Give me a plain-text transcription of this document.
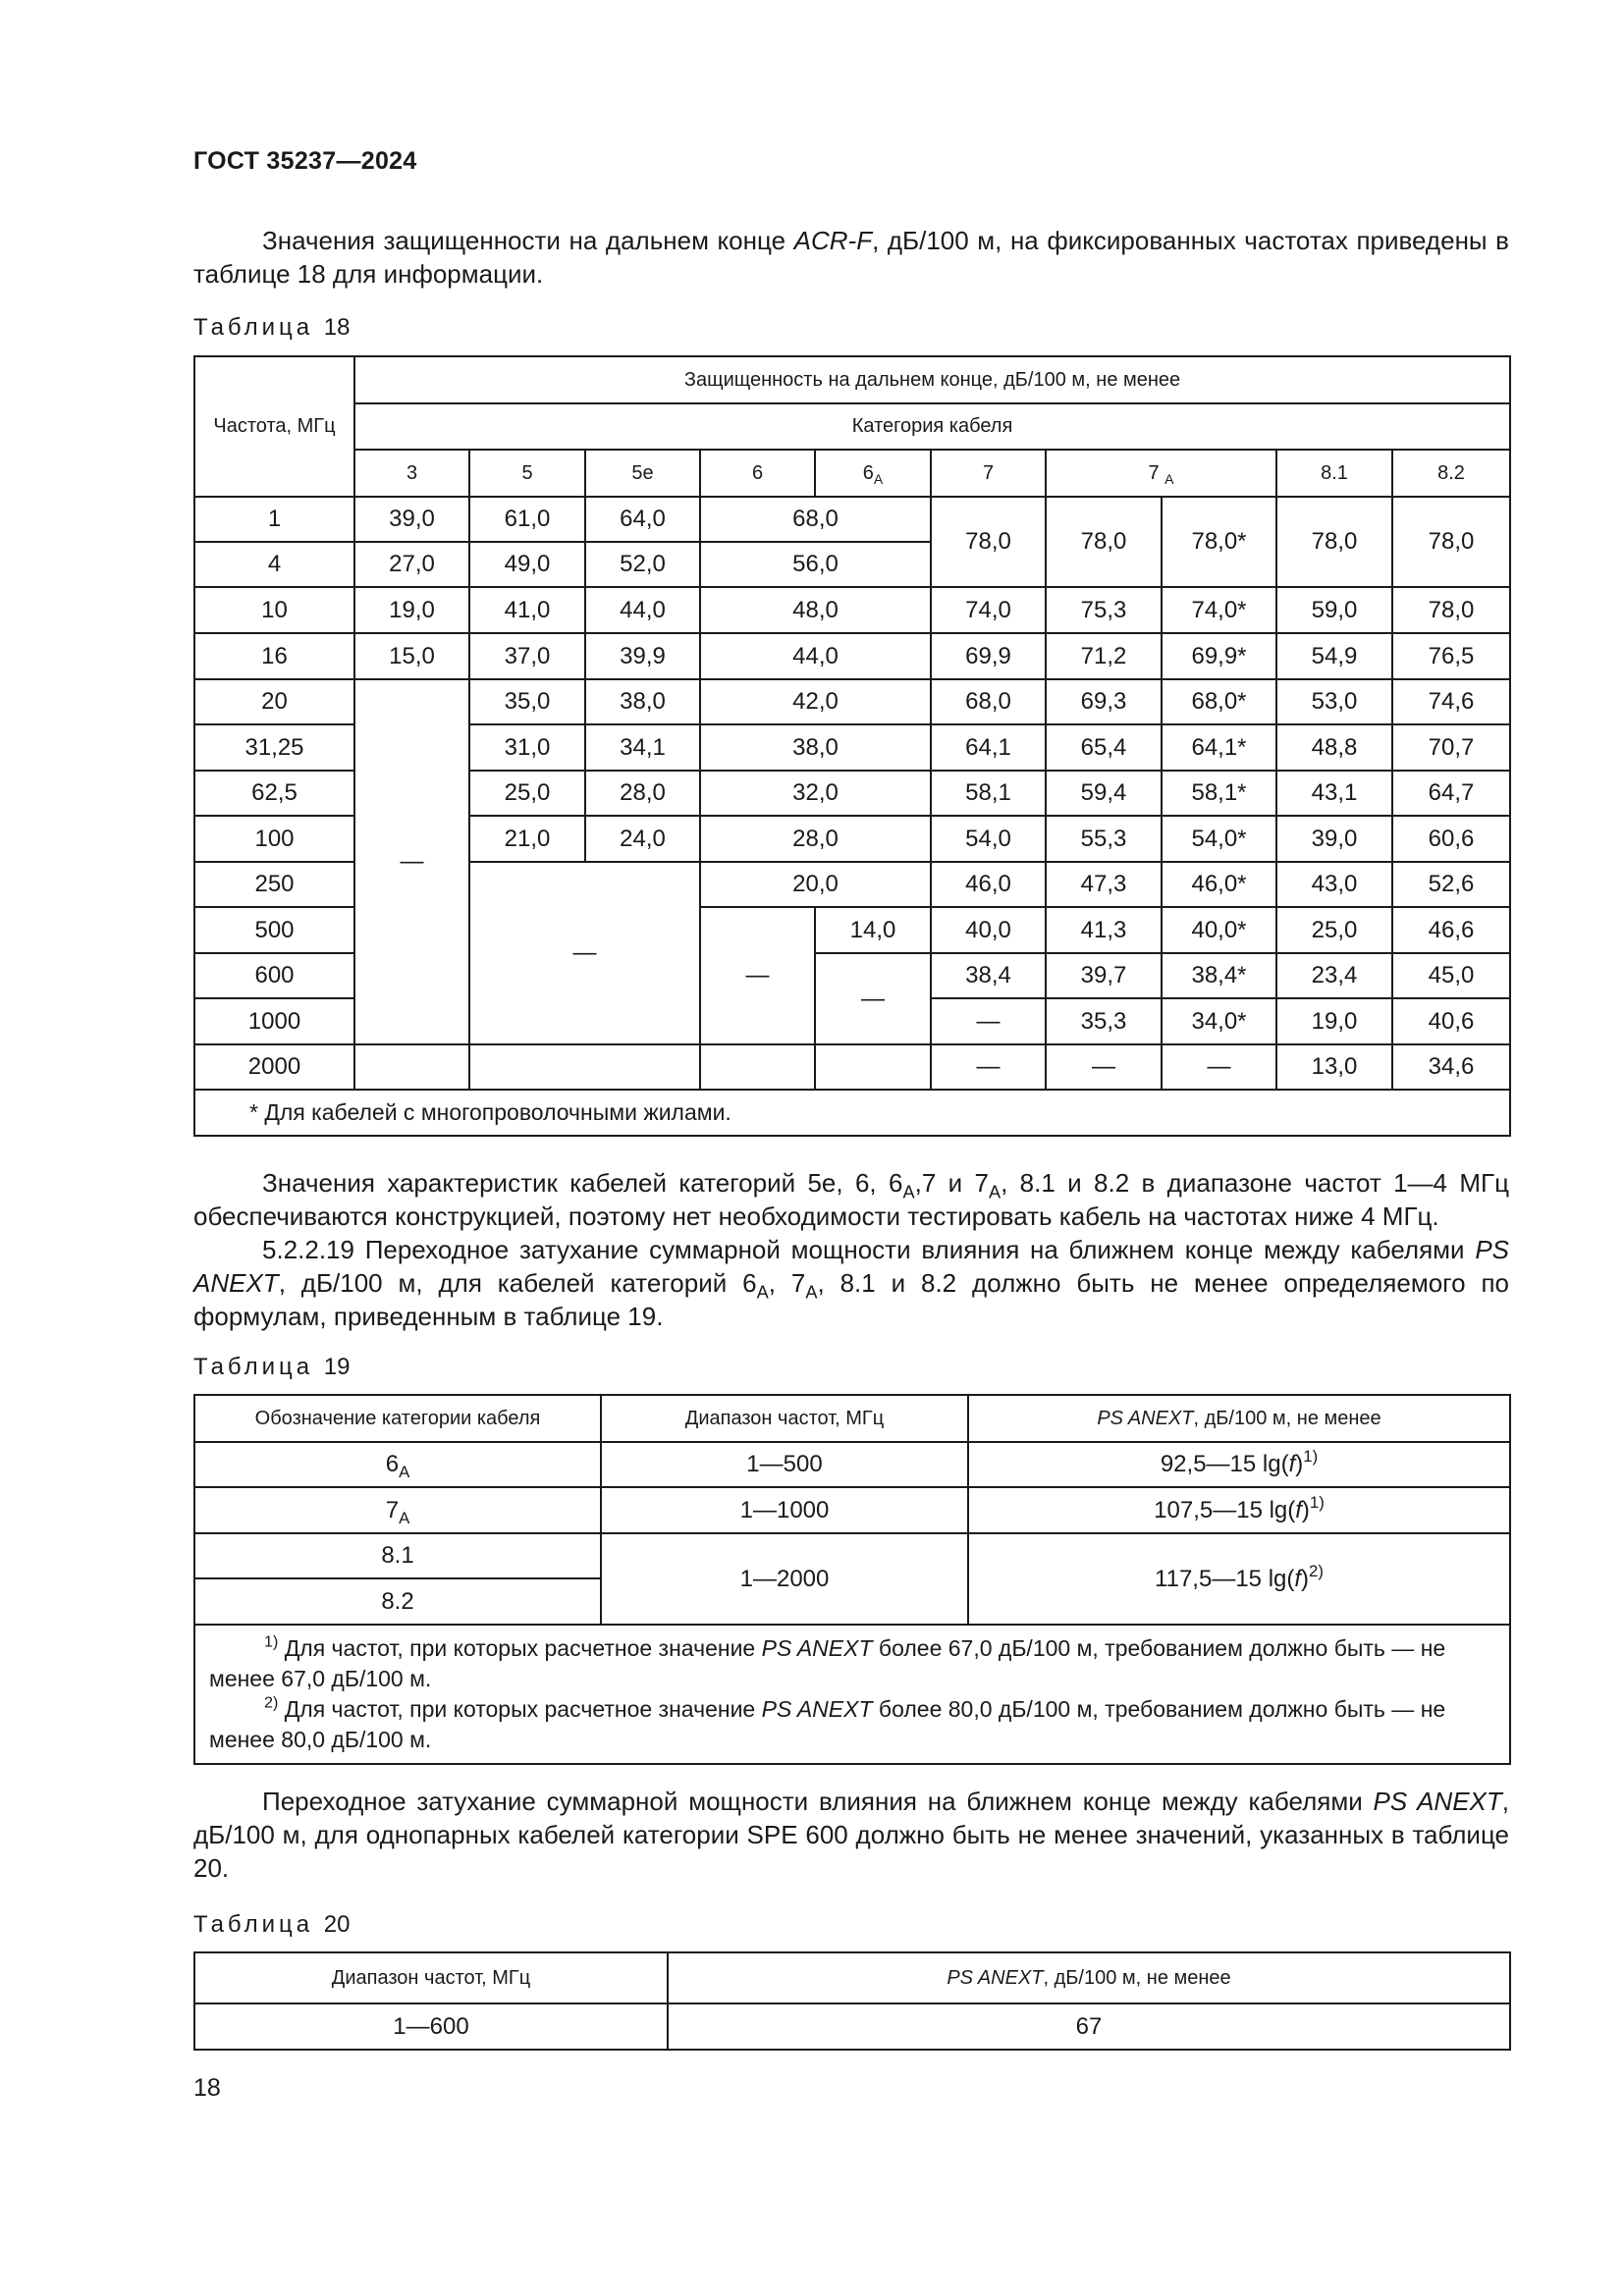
ГОСТ 35237—2024

Значения защищенности на дальнем конце ACR-F, дБ/100 м, на фиксированных частотах приведены в таблице 18 для информации.

Таблица 18
Частота, МГц	Защищенность на дальнем конце, дБ/100 м, не менее									
	Категория кабеля									
	3	5	5e	6	$6_A$	7	7 $_A$		8.1	8.2
1	39,0	61,0	64,0	68,0		78,0	78,0	78,0*	78,0	78,0
4	27,0	49,0	52,0	56,0						
10	19,0	41,0	44,0	48,0		74,0	75,3	74,0*	59,0	78,0
16	15,0	37,0	39,9	44,0		69,9	71,2	69,9*	54,9	76,5
20	—	35,0	38,0	42,0		68,0	69,3	68,0*	53,0	74,6
31,25		31,0	34,1	38,0		64,1	65,4	64,1*	48,8	70,7
62,5		25,0	28,0	32,0		58,1	59,4	58,1*	43,1	64,7
100		21,0	24,0	28,0		54,0	55,3	54,0*	39,0	60,6
250		—		20,0		46,0	47,3	46,0*	43,0	52,6
500				—	14,0	40,0	41,3	40,0*	25,0	46,6
600					—	38,4	39,7	38,4*	23,4	45,0
1000						—	35,3	34,0*	19,0	40,6
2000						—	—	—	13,0	34,6
* Для кабелей с многопроволочными жилами.										

Значения характеристик кабелей категорий 5е, 6, $6_A,7$ и $7_A$, 8.1 и 8.2 в диапазоне частот 1—4 МГц обеспечиваются конструкцией, поэтому нет необходимости тестировать кабель на частотах ниже 4 МГц.

5.2.2.19 Переходное затухание суммарной мощности влияния на ближнем конце между кабелями PS ANEXT, дБ/100 м, для кабелей категорий $6_A$, $7_A$, 8.1 и 8.2 должно быть не менее определяемого по формулам, приведенным в таблице 19.

Таблица 19
Обозначение категории кабеля	Диапазон частот, МГц	PS ANEXT, дБ/100 м, не менее
$6_A$	1—500	92,5—15 $\lg(f)^{1)}$
$7_A$	1—1000	107,5—15 $\lg(f)^{1)}$
8.1	1—2000	117,5—15 $\lg(f)^{2)}$
8.2		

$^{1)}$ Для частот, при которых расчетное значение PS ANEXT более 67,0 дБ/100 м, требованием должно быть — не менее 67,0 дБ/100 м.
$^{2)}$ Для частот, при которых расчетное значение PS ANEXT более 80,0 дБ/100 м, требованием должно быть — не менее 80,0 дБ/100 м.		

Переходное затухание суммарной мощности влияния на ближнем конце между кабелями PS ANEXT, дБ/100 м, для однопарных кабелей категории SPE 600 должно быть не менее значений, указанных в таблице 20.

Таблица 20
Диапазон частот, МГц	PS ANEXT, дБ/100 м, не менее
1—600	67
18
